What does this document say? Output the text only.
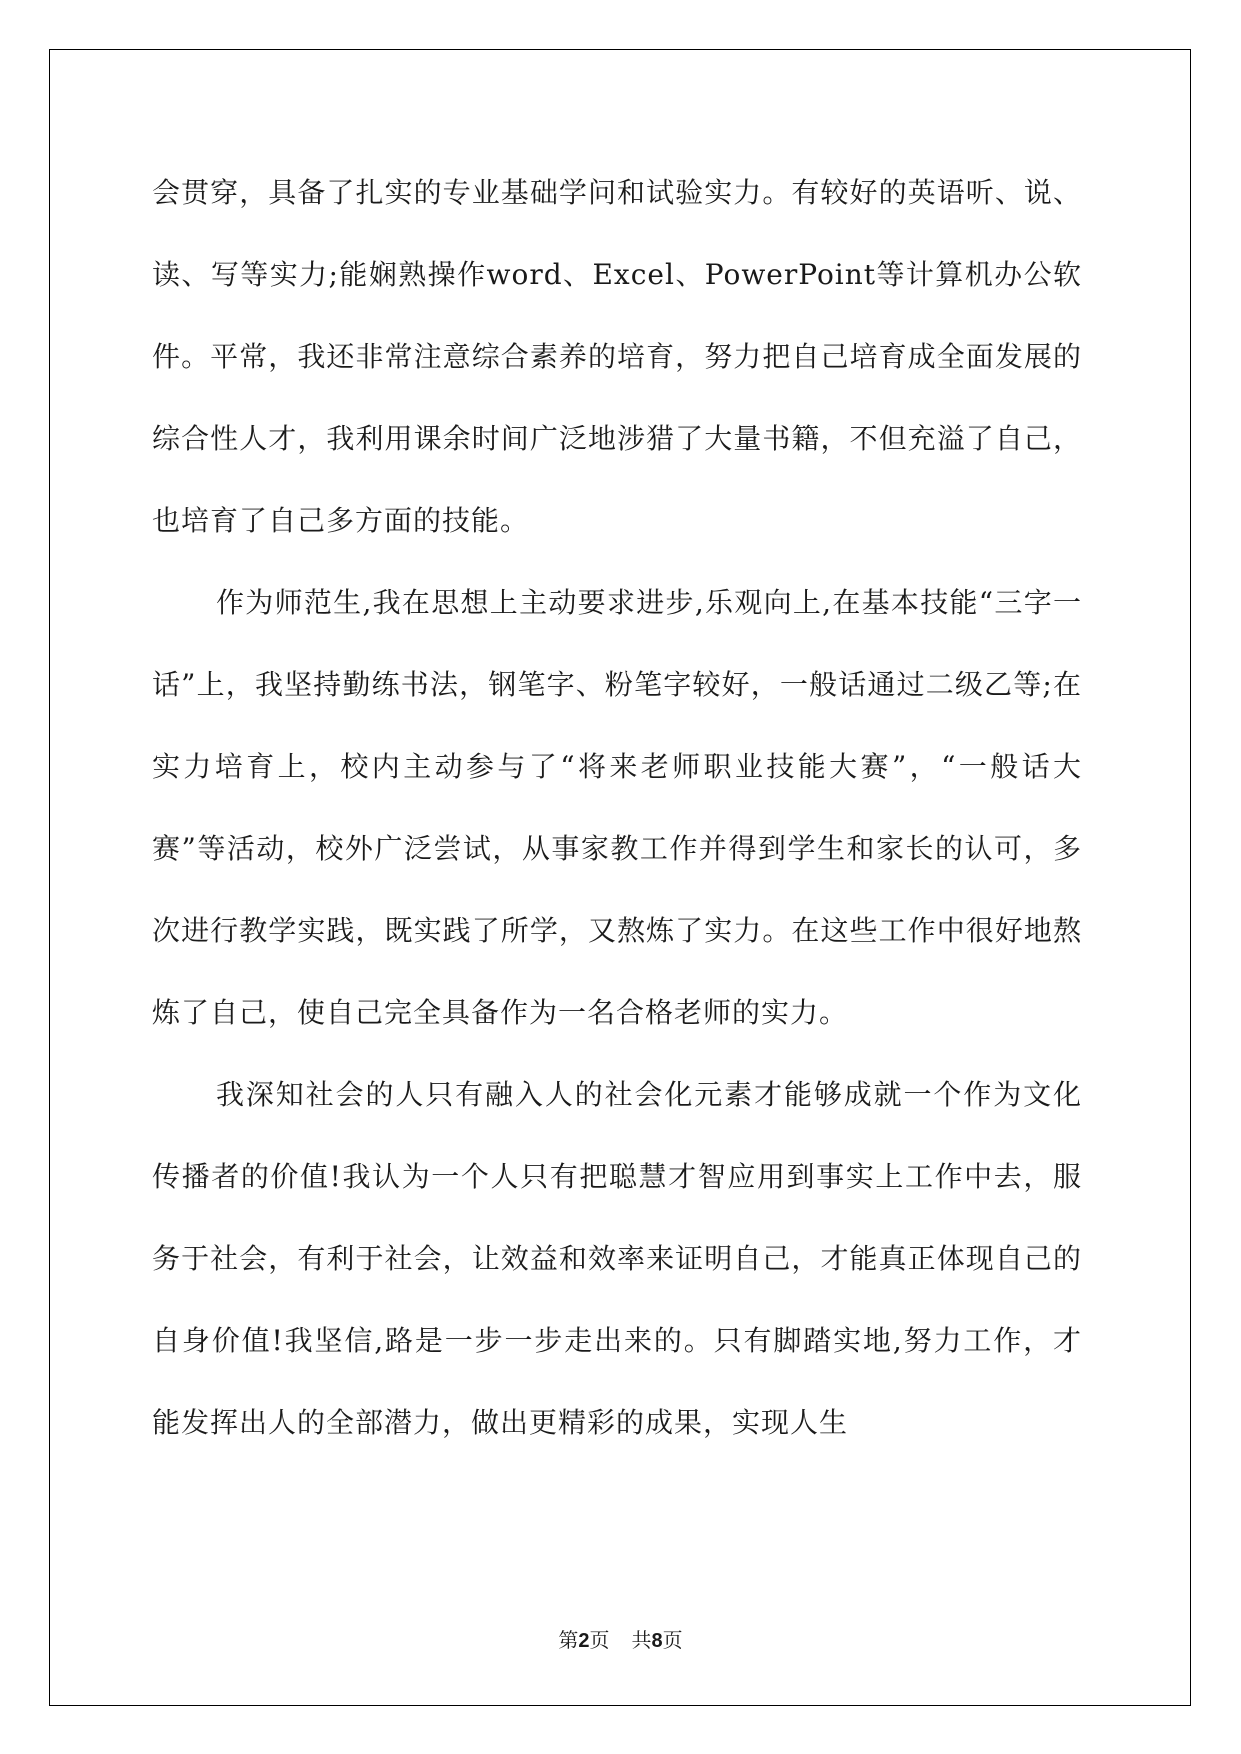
会贯穿，具备了扎实的专业基础学问和试验实力。有较好的英语听、说、读、写等实力;能娴熟操作word、Excel、PowerPoint等计算机办公软件。平常，我还非常注意综合素养的培育，努力把自己培育成全面发展的综合性人才，我利用课余时间广泛地涉猎了大量书籍，不但充溢了自己，也培育了自己多方面的技能。

作为师范生,我在思想上主动要求进步,乐观向上,在基本技能“三字一话”上，我坚持勤练书法，钢笔字、粉笔字较好，一般话通过二级乙等;在实力培育上，校内主动参与了“将来老师职业技能大赛”，“一般话大赛”等活动，校外广泛尝试，从事家教工作并得到学生和家长的认可，多次进行教学实践，既实践了所学，又熬炼了实力。在这些工作中很好地熬炼了自己，使自己完全具备作为一名合格老师的实力。

我深知社会的人只有融入人的社会化元素才能够成就一个作为文化传播者的价值!我认为一个人只有把聪慧才智应用到事实上工作中去，服务于社会，有利于社会，让效益和效率来证明自己，才能真正体现自己的自身价值!我坚信,路是一步一步走出来的。只有脚踏实地,努力工作，才能发挥出人的全部潜力，做出更精彩的成果，实现人生

第2页 共8页
